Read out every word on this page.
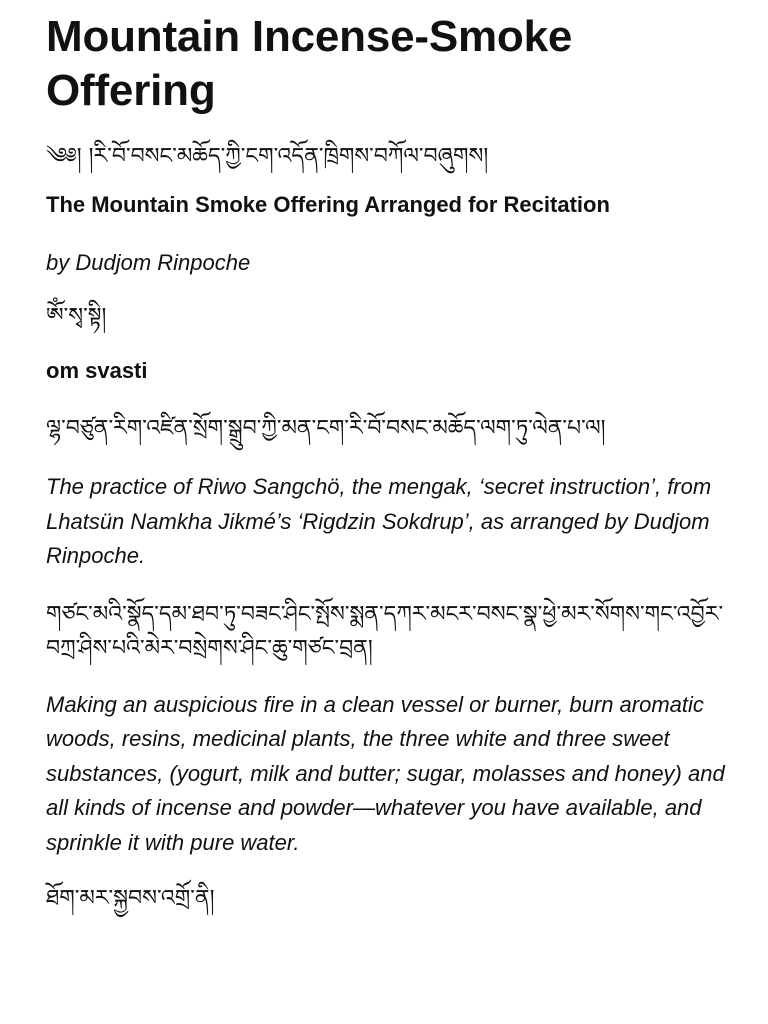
Mountain Incense-Smoke Offering
༄༅། །རི་བོ་བསང་མཆོད་ཀྱི་ངག་འདོན་ཁྲིགས་བཀོལ་བཞུགས།
The Mountain Smoke Offering Arranged for Recitation
by Dudjom Rinpoche
ཨོཾ་སྭ་སྟི།
om svasti
ལྷ་བཙུན་རིག་འཛིན་སྲོག་སྒྲུབ་ཀྱི་མན་ངག་རི་བོ་བསང་མཆོད་ལག་ཏུ་ལེན་པ་ལ།
The practice of Riwo Sangchö, the mengak, ‘secret instruction’, from Lhatsün Namkha Jikmé’s ‘Rigdzin Sokdrup’, as arranged by Dudjom Rinpoche.
གཙང་མའི་སྣོད་དམ་ཐབ་ཏུ་བཟང་ཤིང་སྤོས་སྨན་དཀར་མངར་བསང་སྣ་ཕྱེ་མར་སོགས་གང་འབྱོར་བཀྲ་ཤིས་པའི་མེར་བསྲེགས་ཤིང་ཆུ་གཙང་བྲན།
Making an auspicious fire in a clean vessel or burner, burn aromatic woods, resins, medicinal plants, the three white and three sweet substances, (yogurt, milk and butter; sugar, molasses and honey) and all kinds of incense and powder—whatever you have available, and sprinkle it with pure water.
ཐོག་མར་སྐྱབས་འགྲོ་ནི།
